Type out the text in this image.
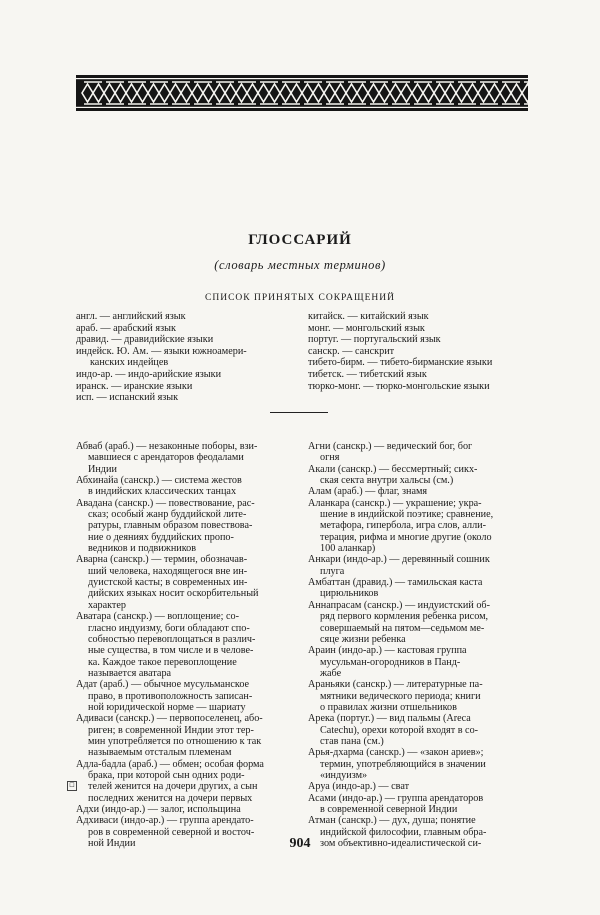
ГЛОССАРИЙ
(словарь местных терминов)
СПИСОК ПРИНЯТЫХ СОКРАЩЕНИЙ
англ. — английский язык
араб. — арабский язык
дравид. — дравидийские языки
индейск. Ю. Ам. — языки южноамери-
канских индейцев
индо-ар. — индо-арийские языки
иранск. — иранские языки
исп. — испанский язык
китайск. — китайский язык
монг. — монгольский язык
португ. — португальский язык
санскр. — санскрит
тибето-бирм. — тибето-бирманские языки
тибетск. — тибетский язык
тюрко-монг. — тюрко-монгольские языки
Абваб (араб.) — незаконные поборы, взи-
мавшиеся с арендаторов феодалами
Индии
Абхинайа (санскр.) — система жестов
в индийских классических танцах
Авадана (санскр.) — повествование, рас-
сказ; особый жанр буддийской лите-
ратуры, главным образом повествова-
ние о деяниях буддийских пропо-
ведников и подвижников
Аварна (санскр.) — термин, обозначав-
ший человека, находящегося вне ин-
дуистской касты; в современных ин-
дийских языках носит оскорбительный
характер
Аватара (санскр.) — воплощение; со-
гласно индуизму, боги обладают спо-
собностью перевоплощаться в различ-
ные существа, в том числе и в челове-
ка. Каждое такое перевоплощение
называется аватара
Адат (араб.) — обычное мусульманское
право, в противоположность записан-
ной юридической норме — шариату
Адиваси (санскр.) — первопоселенец, або-
риген; в современной Индии этот тер-
мин употребляется по отношению к так
называемым отсталым племенам
Адла-бадла (араб.) — обмен; особая форма
брака, при которой сын одних роди-
телей женится на дочери других, а сын
последних женится на дочери первых
Адхи (индо-ар.) — залог, испольщина
Адхиваси (индо-ар.) — группа арендато-
ров в современной северной и восточ-
ной Индии
Агни (санскр.) — ведический бог, бог
огня
Акали (санскр.) — бессмертный; сикх-
ская секта внутри хальсы (см.)
Алам (араб.) — флаг, знамя
Аланкара (санскр.) — украшение; укра-
шение в индийской поэтике; сравнение,
метафора, гипербола, игра слов, алли-
терация, рифма и многие другие (около
100 аланкар)
Анкари (индо-ар.) — деревянный сошник
плуга
Амбаттан (дравид.) — тамильская каста
цирюльников
Аннапрасам (санскр.) — индуистский об-
ряд первого кормления ребенка рисом,
совершаемый на пятом—седьмом ме-
сяце жизни ребенка
Араин (индо-ар.) — кастовая группа
мусульман-огородников в Панд-
жабе
Араньяки (санскр.) — литературные па-
мятники ведического периода; книги
о правилах жизни отшельников
Арека (португ.) — вид пальмы (Areca
Catechu), орехи которой входят в со-
став пана (см.)
Арья-дхарма (санскр.) — «закон ариев»;
термин, употребляющийся в значении
«индуизм»
Аруа (индо-ар.) — сват
Асами (индо-ар.) — группа арендаторов
в современной северной Индии
Атман (санскр.) — дух, душа; понятие
индийской философии, главным обра-
зом объективно-идеалистической си-
☐
904
